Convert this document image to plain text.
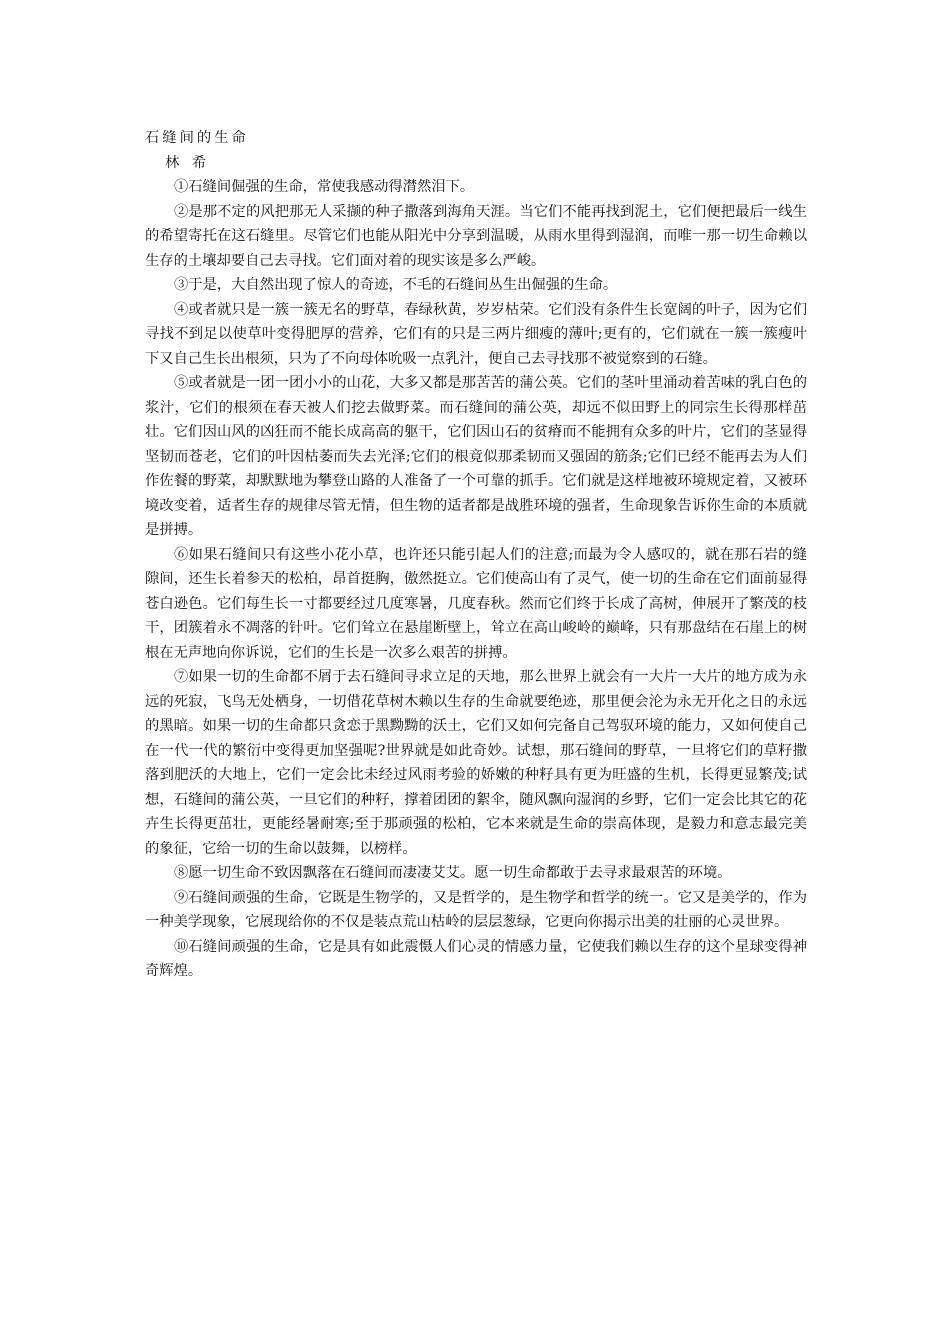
石缝间的生命

林 希

①石缝间倔强的生命，常使我感动得潸然泪下。

②是那不定的风把那无人采撷的种子撒落到海角天涯。当它们不能再找到泥土，它们便把最后一线生的希望寄托在这石缝里。尽管它们也能从阳光中分享到温暖，从雨水里得到湿润，而唯一那一切生命赖以生存的土壤却要自己去寻找。它们面对着的现实该是多么严峻。

③于是，大自然出现了惊人的奇迹，不毛的石缝间丛生出倔强的生命。

④或者就只是一簇一簇无名的野草，春绿秋黄，岁岁枯荣。它们没有条件生长宽阔的叶子，因为它们寻找不到足以使草叶变得肥厚的营养，它们有的只是三两片细瘦的薄叶;更有的，它们就在一簇一簇瘦叶下又自己生长出根须，只为了不向母体吮吸一点乳汁，便自己去寻找那不被觉察到的石缝。

⑤或者就是一团一团小小的山花，大多又都是那苦苦的蒲公英。它们的茎叶里涌动着苦味的乳白色的浆汁，它们的根须在春天被人们挖去做野菜。而石缝间的蒲公英，却远不似田野上的同宗生长得那样茁壮。它们因山风的凶狂而不能长成高高的躯干，它们因山石的贫瘠而不能拥有众多的叶片，它们的茎显得坚韧而苍老，它们的叶因枯萎而失去光泽;它们的根竟似那柔韧而又强固的筋条;它们已经不能再去为人们作佐餐的野菜，却默默地为攀登山路的人准备了一个可靠的抓手。它们就是这样地被环境规定着，又被环境改变着，适者生存的规律尽管无情，但生物的适者都是战胜环境的强者，生命现象告诉你生命的本质就是拼搏。

⑥如果石缝间只有这些小花小草，也许还只能引起人们的注意;而最为令人感叹的，就在那石岩的缝隙间，还生长着参天的松柏，昂首挺胸，傲然挺立。它们使高山有了灵气，使一切的生命在它们面前显得苍白逊色。它们每生长一寸都要经过几度寒暑，几度春秋。然而它们终于长成了高树，伸展开了繁茂的枝干，团簇着永不凋落的针叶。它们耸立在悬崖断壁上，耸立在高山峻岭的巅峰，只有那盘结在石崖上的树根在无声地向你诉说，它们的生长是一次多么艰苦的拼搏。

⑦如果一切的生命都不屑于去石缝间寻求立足的天地，那么世界上就会有一大片一大片的地方成为永远的死寂，飞鸟无处栖身，一切借花草树木赖以生存的生命就要绝迹，那里便会沦为永无开化之日的永远的黑暗。如果一切的生命都只贪恋于黑黝黝的沃土，它们又如何完备自己驾驭环境的能力，又如何使自己在一代一代的繁衍中变得更加坚强呢?世界就是如此奇妙。试想，那石缝间的野草，一旦将它们的草籽撒落到肥沃的大地上，它们一定会比未经过风雨考验的娇嫩的种籽具有更为旺盛的生机，长得更显繁茂;试想，石缝间的蒲公英，一旦它们的种籽，撑着团团的絮伞，随风飘向湿润的乡野，它们一定会比其它的花卉生长得更茁壮，更能经暑耐寒;至于那顽强的松柏，它本来就是生命的崇高体现，是毅力和意志最完美的象征，它给一切的生命以鼓舞，以榜样。

⑧愿一切生命不致因飘落在石缝间而凄凄艾艾。愿一切生命都敢于去寻求最艰苦的环境。

⑨石缝间顽强的生命，它既是生物学的，又是哲学的，是生物学和哲学的统一。它又是美学的，作为一种美学现象，它展现给你的不仅是装点荒山枯岭的层层葱绿，它更向你揭示出美的壮丽的心灵世界。

⑩石缝间顽强的生命，它是具有如此震慑人们心灵的情感力量，它使我们赖以生存的这个星球变得神奇辉煌。
